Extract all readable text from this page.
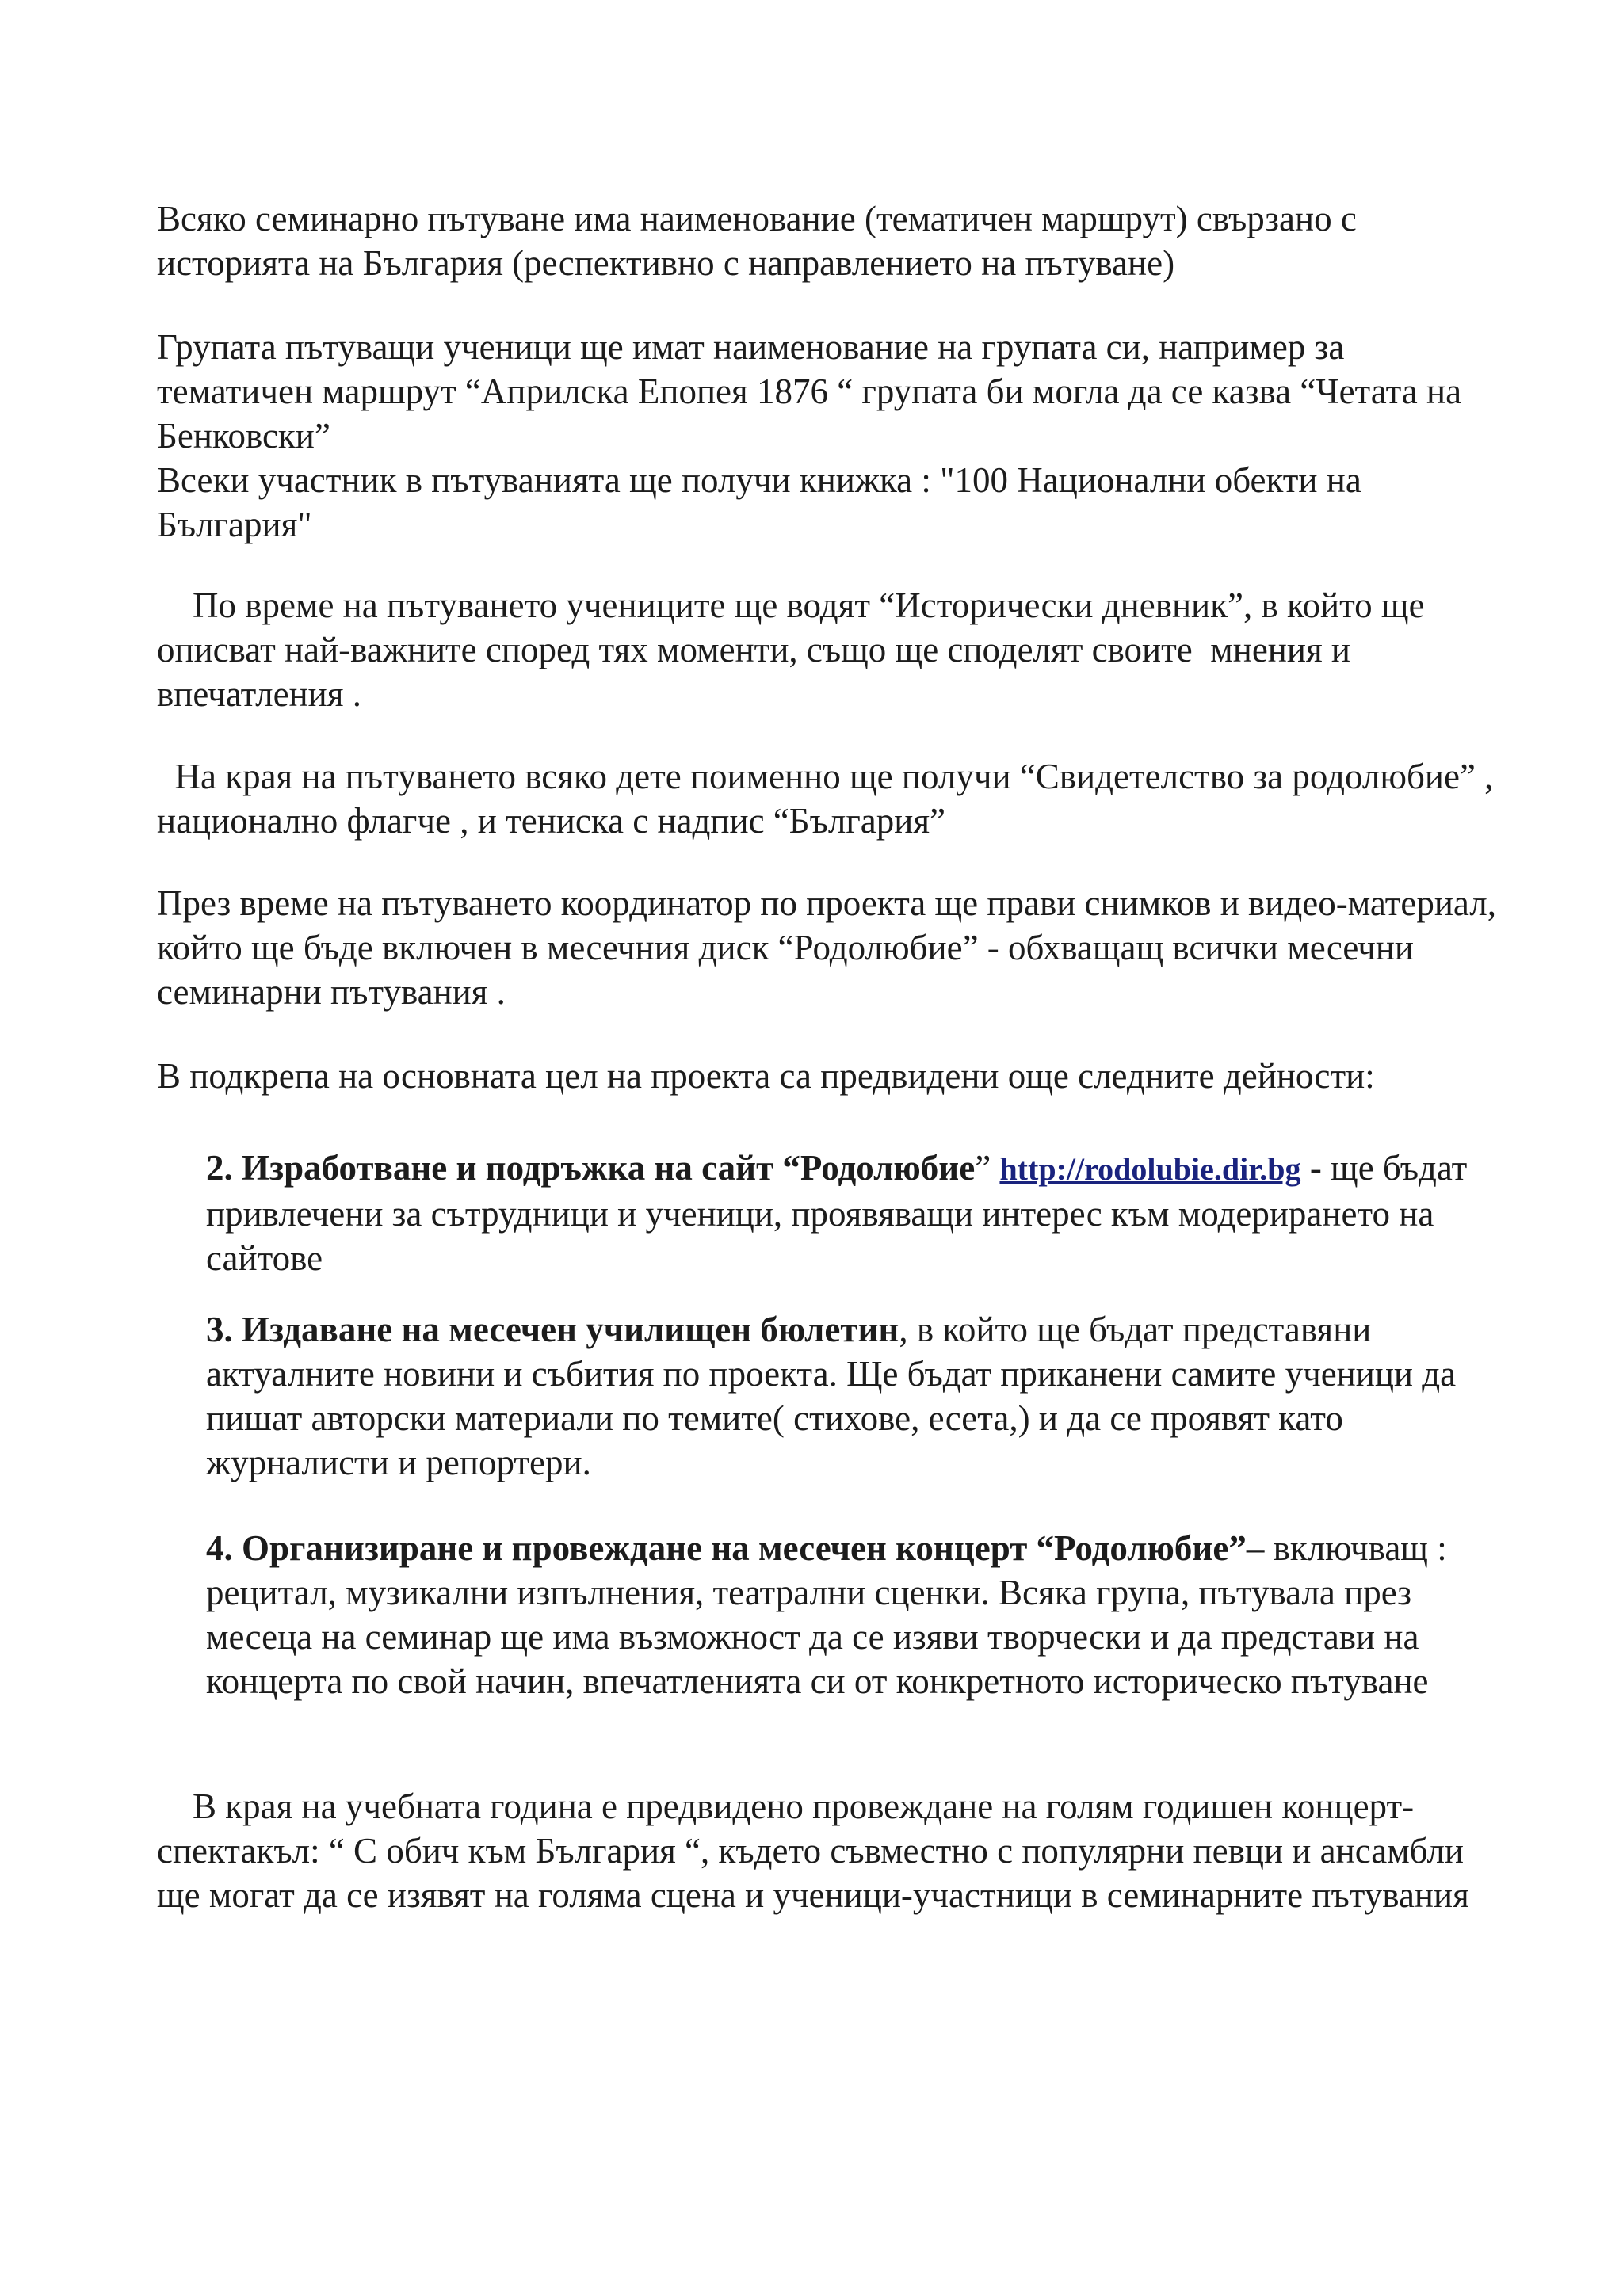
Всяко семинарно пътуване има наименование (тематичен маршрут) свързано с историята на България (респективно с направлението на пътуване)

Групата пътуващи ученици ще имат наименование на групата си, например за тематичен маршрут “Априлска Епопея 1876 “ групата би могла да се казва “Четата на Бенковски”

Всеки участник в пътуванията ще получи книжка : "100 Национални обекти на България"

По време на пътуването учениците ще водят “Исторически дневник”, в който ще описват най-важните според тях моменти, също ще споделят своите  мнения и  впечатления .

На края на пътуването всяко дете поименно ще получи “Свидетелство за родолюбие” , национално флагче , и тениска с надпис “България”

През време на пътуването координатор по проекта ще прави снимков и видео-материал, който ще бъде включен в месечния диск “Родолюбие” - обхващащ всички месечни семинарни пътувания .

В подкрепа на основната цел на проекта са предвидени още следните дейности:

2. Изработване и подръжка на сайт “Родолюбие” http://rodolubie.dir.bg - ще бъдат привлечени за сътрудници и ученици, проявяващи интерес към модерирането на сайтове

3. Издаване на месечен училищен бюлетин, в който ще бъдат представяни актуалните новини и събития по проекта. Ще бъдат приканени самите ученици да пишат авторски материали по темите( стихове, есета,) и да се проявят като журналисти и репортери.

4. Организиране и провеждане на месечен концерт “Родолюбие”– включващ : рецитал, музикални изпълнения, театрални сценки. Всяка група, пътувала през месеца на семинар ще има възможност да се изяви творчески и да представи на концерта по свой начин, впечатленията си от конкретното историческо пътуване

В края на учебната година е предвидено провеждане на голям годишен концерт-спектакъл: “ С обич към България “, където съвместно с популярни певци и ансамбли ще могат да се изявят на голяма сцена и ученици-участници в семинарните пътувания
